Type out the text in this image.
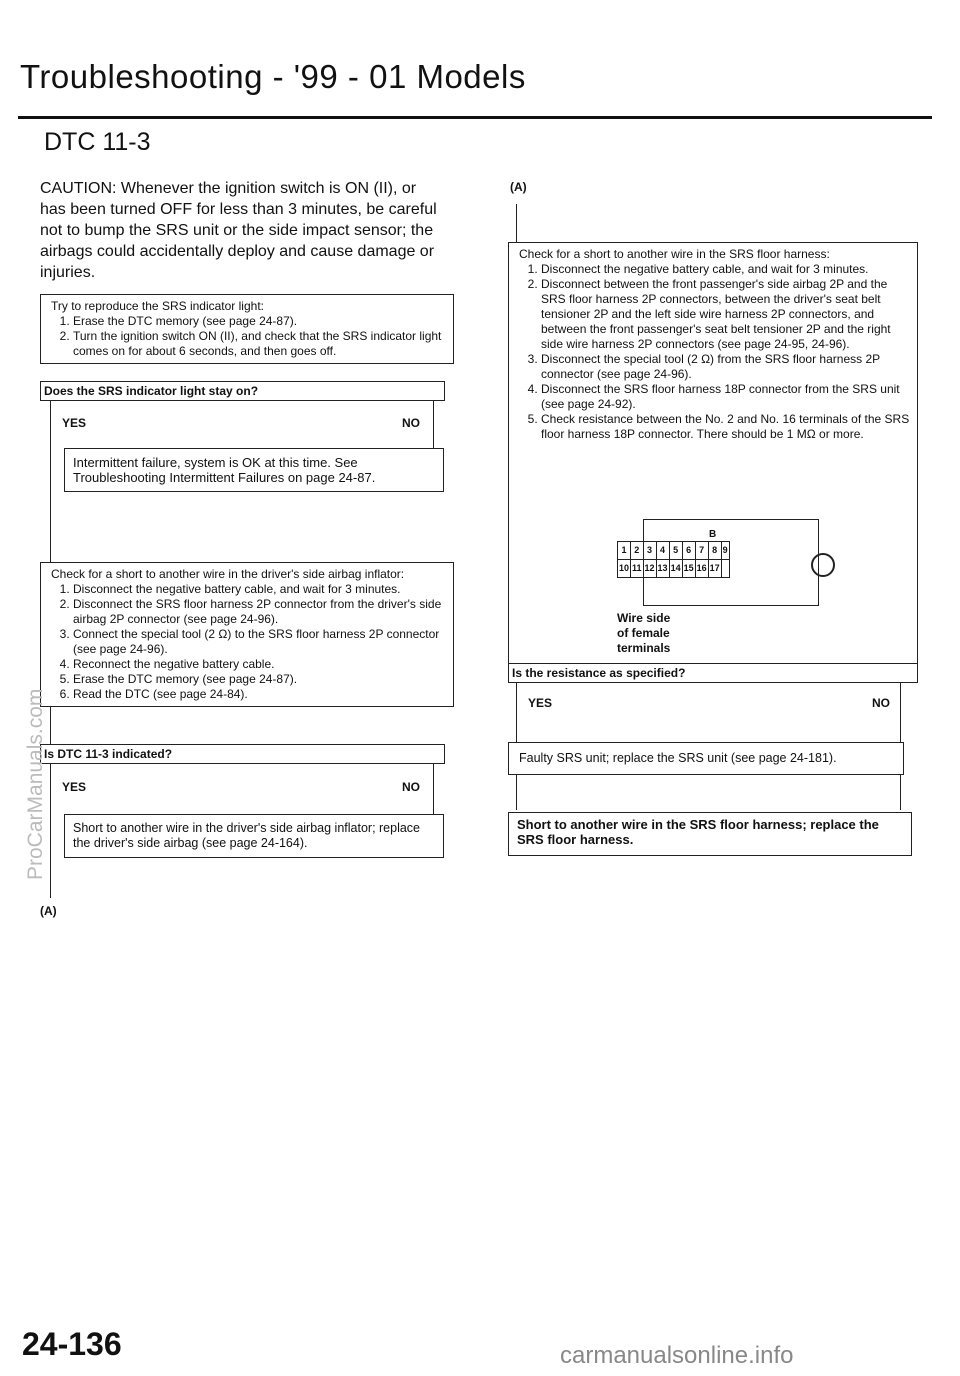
Troubleshooting - '99 - 01 Models
DTC 11-3
CAUTION: Whenever the ignition switch is ON (II), or has been turned OFF for less than 3 minutes, be careful not to bump the SRS unit or the side impact sensor; the airbags could accidentally deploy and cause damage or injuries.
Try to reproduce the SRS indicator light:
1. Erase the DTC memory (see page 24-87).
2. Turn the ignition switch ON (II), and check that the SRS indicator light comes on for about 6 seconds, and then goes off.
Does the SRS indicator light stay on?
YES	NO
Intermittent failure, system is OK at this time. See Troubleshooting Intermittent Failures on page 24-87.
Check for a short to another wire in the driver's side airbag inflator:
1. Disconnect the negative battery cable, and wait for 3 minutes.
2. Disconnect the SRS floor harness 2P connector from the driver's side airbag 2P connector (see page 24-96).
3. Connect the special tool (2 Ω) to the SRS floor harness 2P connector (see page 24-96).
4. Reconnect the negative battery cable.
5. Erase the DTC memory (see page 24-87).
6. Read the DTC (see page 24-84).
Is DTC 11-3 indicated?
YES	NO
Short to another wire in the driver's side airbag inflator; replace the driver's side airbag (see page 24-164).
(A)
(A)
Check for a short to another wire in the SRS floor harness:
1. Disconnect the negative battery cable, and wait for 3 minutes.
2. Disconnect between the front passenger's side airbag 2P and the SRS floor harness 2P connectors, between the driver's seat belt tensioner 2P and the left side wire harness 2P connectors, and between the front passenger's seat belt tensioner 2P and the right side wire harness 2P connectors (see page 24-95, 24-96).
3. Disconnect the special tool (2 Ω) from the SRS floor harness 2P connector (see page 24-96).
4. Disconnect the SRS floor harness 18P connector from the SRS unit (see page 24-92).
5. Check resistance between the No. 2 and No. 16 terminals of the SRS floor harness 18P connector. There should be 1 MΩ or more.
1	2	3	4	5	6	7	8	9
10	11	12	13	14	15	16	17	
B
Wire side of female terminals
Is the resistance as specified?
YES	NO
Faulty SRS unit; replace the SRS unit (see page 24-181).
Short to another wire in the SRS floor harness; replace the SRS floor harness.
24-136	carmanualsonline.info
ProCarManuals.com
